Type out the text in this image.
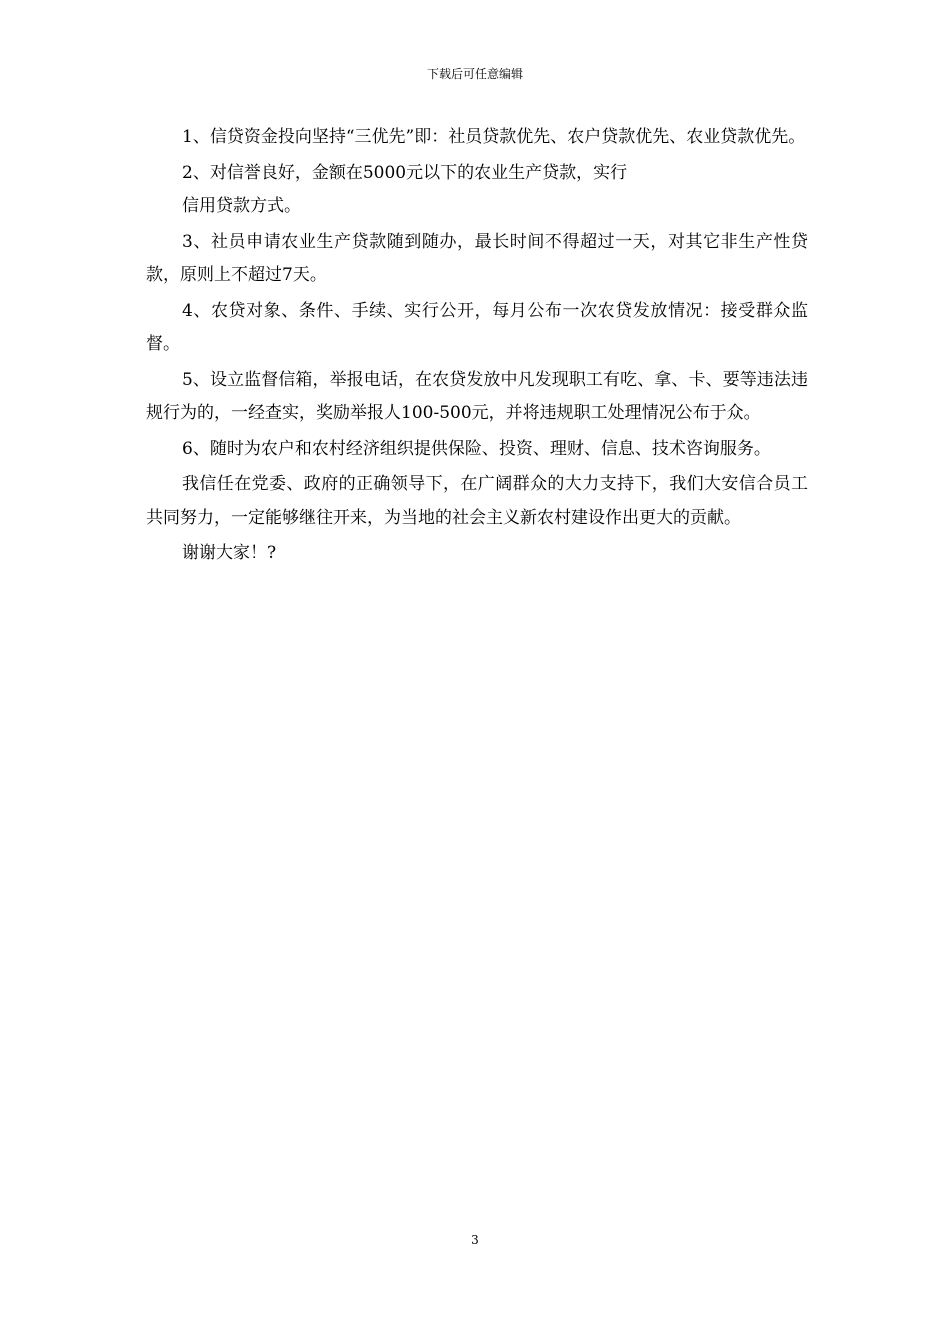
下载后可任意编辑

1、信贷资金投向坚持“三优先”即：社员贷款优先、农户贷款优先、农业贷款优先。

2、对信誉良好，金额在5000元以下的农业生产贷款，实行

信用贷款方式。

3、社员申请农业生产贷款随到随办，最长时间不得超过一天，对其它非生产性贷款，原则上不超过7天。

4、农贷对象、条件、手续、实行公开，每月公布一次农贷发放情况：接受群众监督。

5、设立监督信箱，举报电话，在农贷发放中凡发现职工有吃、拿、卡、要等违法违规行为的，一经查实，奖励举报人100-500元，并将违规职工处理情况公布于众。

6、随时为农户和农村经济组织提供保险、投资、理财、信息、技术咨询服务。

我信任在党委、政府的正确领导下，在广阔群众的大力支持下，我们大安信合员工共同努力，一定能够继往开来，为当地的社会主义新农村建设作出更大的贡献。

谢谢大家！?

3
